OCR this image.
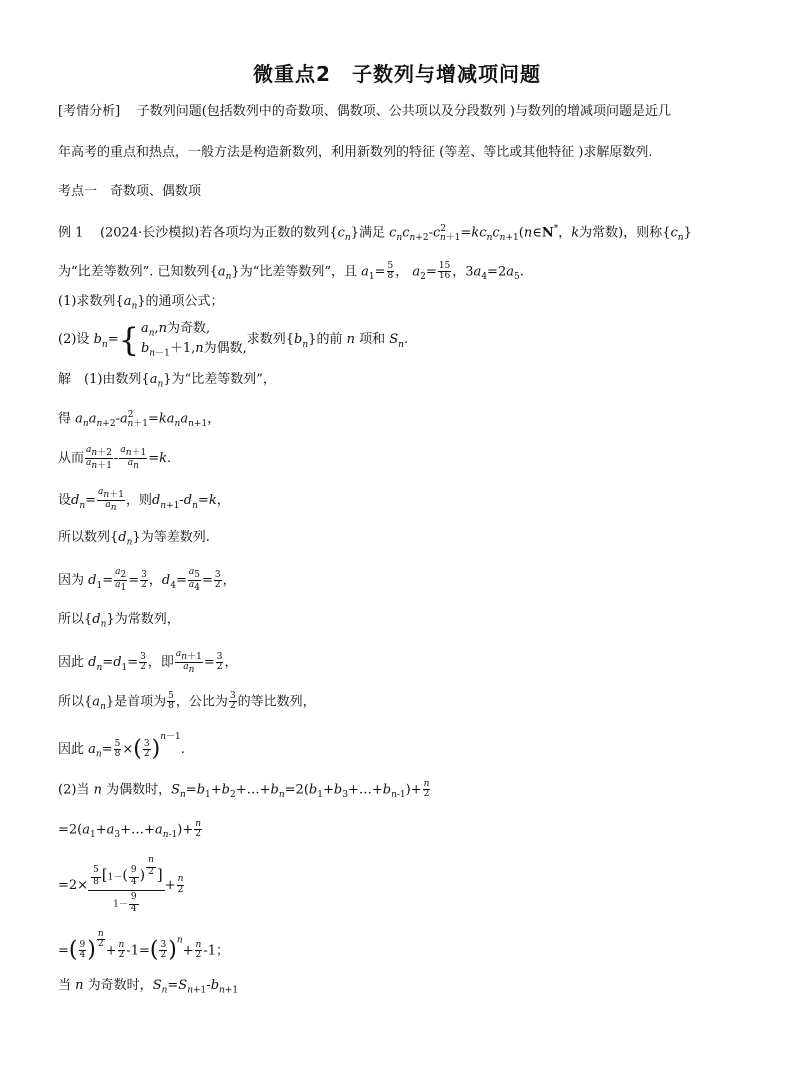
微重点2　子数列与增减项问题
[考情分析] 子数列问题(包括数列中的奇数项、偶数项、公共项以及分段数列 )与数列的增减项问题是近几
年高考的重点和热点，一般方法是构造新数列，利用新数列的特征 (等差、等比或其他特征 )求解原数列.
考点一　奇数项、偶数项
例 1 (2024·长沙模拟)若各项均为正数的数列$\{c_n\}$满足 $c_nc_{n+2}-c^2_{n+1}=kc_nc_{n+1}(n\in N^*$，k为常数)，则称$\{c_n\}$
为“比差等数列”. 已知数列$\{a_n\}$为“比差等数列”，且 $a_1= \frac{5}{8}$ ， $a_2= \frac{15}{16}$ ，$3a_4=2a_5$.
(1)求数列$\{a_n\}$的通项公式；
(2)设 $b_n=${ $a_n,n$为奇数,
$b_{n-1}+1,n$为偶数,求数列$\{b_n\}$的前 n 项和 $S_n$.
解　(1)由数列$\{a_n\}$为“比差等数列”，
得 $a_na_{n+2}-a^2_{n+1}=ka_na_{n+1}$，
从而 $\frac{a_{n+2}}{a_{n+1}} - \frac{a_{n+1}}{a_n} =k$.
设$d_n= \frac{a_{n+1}}{a_n}$ ，则$d_{n+1}-d_n=k$，
所以数列$\{d_n\}$为等差数列.
因为 $d_1= \frac{a_2}{a_1} = \frac{3}{2}$ ，$d_4= \frac{a_5}{a_4} = \frac{3}{2}$ ，
所以$\{d_n\}$为常数列，
因此 $d_n=d_1= \frac{3}{2}$ ，即 $\frac{a_{n+1}}{a_n} = \frac{3}{2}$ ，
所以$\{a_n\}$是首项为 $\frac{5}{8}$ ，公比为 $\frac{3}{2}$ 的等比数列，
因此 $a_n= \frac{5}{8}$ ×( $\frac{3}{2} )^{n-1}$.
(2)当 n 为偶数时，$S_n=b_1+b_2+\dots+b_n=2(b_1+b_3+\dots+b_{n-1})+ \frac{n}{2}$
$=2(a_1+a_3+\dots+a_{n-1})+ \frac{n}{2}$
$=2\times \frac{5}{8} [1-( \frac{9}{4}$ ) $^{\frac{n}{2}}$ ]
$1- \frac{9}{4} + \frac{n}{2}$
=( $\frac{9}{4}$ ) $^{\frac{n}{2}}$
+ $\frac{n}{2} -1=( \frac{3}{2} )^n+ \frac{n}{2} -1$；
当 n 为奇数时，$S_n=S_{n+1}-b_{n+1}$
